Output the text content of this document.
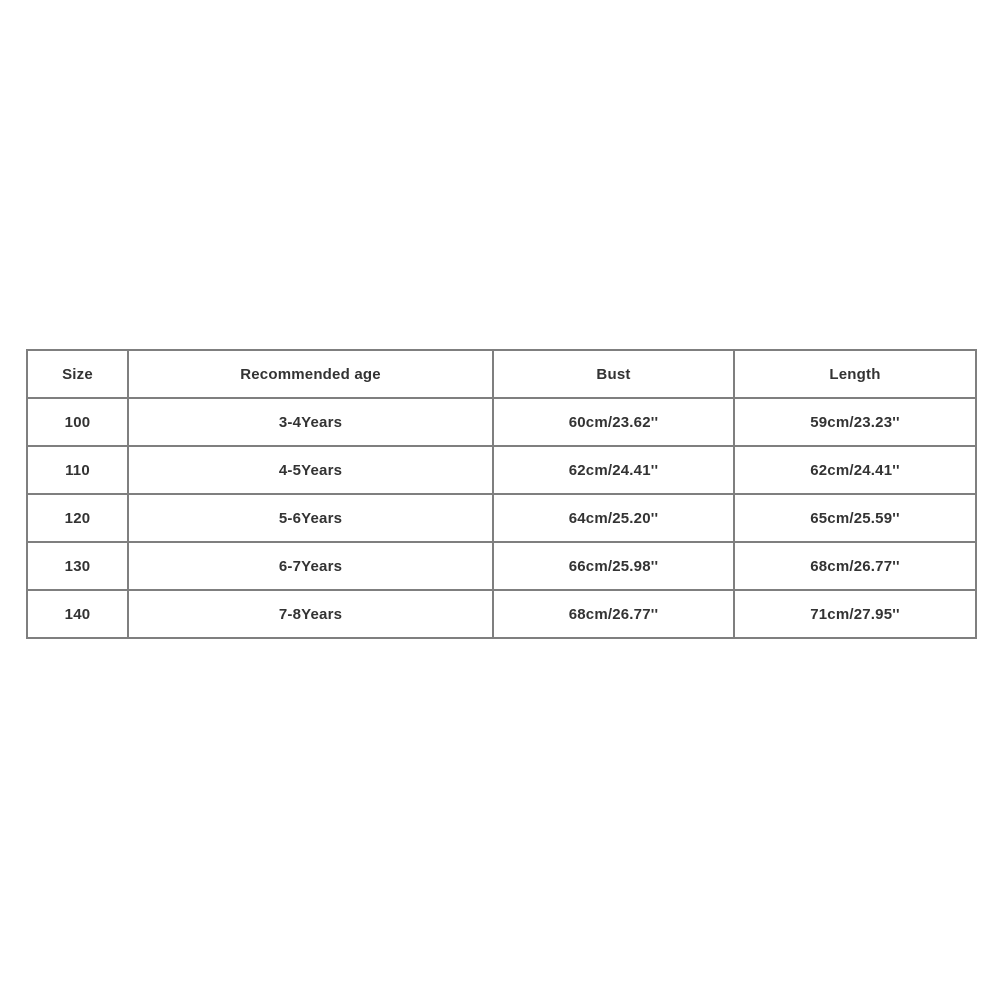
Size	Recommended age	Bust	Length
100	3-4Years	60cm/23.62''	59cm/23.23''
110	4-5Years	62cm/24.41''	62cm/24.41''
120	5-6Years	64cm/25.20''	65cm/25.59''
130	6-7Years	66cm/25.98''	68cm/26.77''
140	7-8Years	68cm/26.77''	71cm/27.95''
